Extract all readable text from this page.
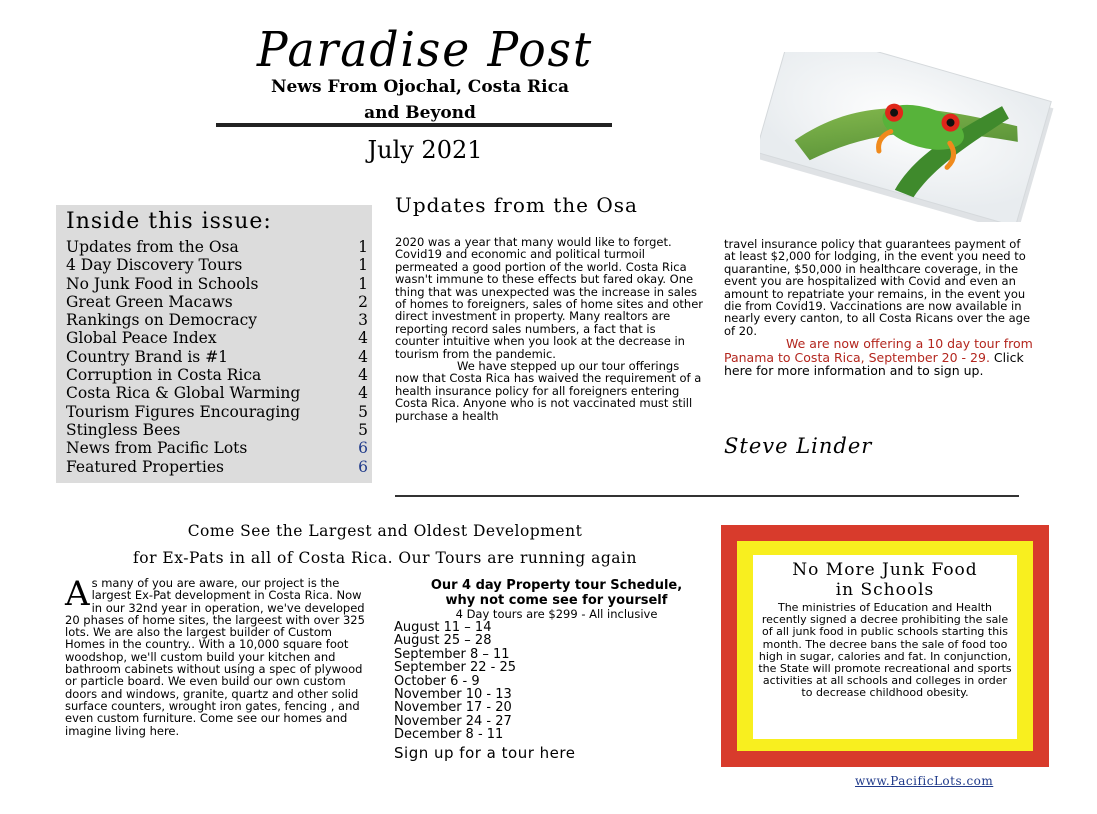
Paradise Post
News From Ojochal, Costa Rica
and Beyond
July 2021
Inside this issue:
Updates from the Osa	1
4 Day Discovery Tours	1
No Junk Food in Schools	1
Great Green Macaws	2
Rankings on Democracy	3
Global Peace Index	4
Country Brand is #1	4
Corruption in Costa Rica	4
Costa Rica & Global Warming	4
Tourism Figures Encouraging	5
Stingless Bees	5
News from Pacific Lots	6
Featured Properties	6
Updates from the Osa

2020 was a year that many would like to forget. Covid19 and economic and political turmoil permeated a good portion of the world. Costa Rica wasn't immune to these effects but fared okay. One thing that was unexpected was the increase in sales of homes to foreigners, sales of home sites and other direct investment in property. Many realtors are reporting record sales numbers, a fact that is counter intuitive when you look at the decrease in tourism from the pandemic.

We have stepped up our tour offerings now that Costa Rica has waived the requirement of a health insurance policy for all foreigners entering Costa Rica. Anyone who is not vaccinated must still purchase a health

travel insurance policy that guarantees payment of at least $2,000 for lodging, in the event you need to quarantine, $50,000 in healthcare coverage, in the event you are hospitalized with Covid and even an amount to repatriate your remains, in the event you die from Covid19. Vaccinations are now available in nearly every canton, to all Costa Ricans over the age of 20.

We are now offering a 10 day tour from Panama to Costa Rica, September 20 - 29. Click here for more information and to sign up.

Steve Linder
Come See the Largest and Oldest Development
for Ex-Pats in all of Costa Rica. Our Tours are running again
A s many of you are aware, our project is the largest Ex-Pat development in Costa Rica. Now in our 32nd year in operation, we've developed 20 phases of home sites, the largeest with over 325 lots. We are also the largest builder of Custom Homes in the country.. With a 10,000 square foot woodshop, we'll custom build your kitchen and bathroom cabinets without using a spec of plywood or particle board. We even build our own custom doors and windows, granite, quartz and other solid surface counters, wrought iron gates, fencing , and even custom furniture. Come see our homes and imagine living here.
Our 4 day Property tour Schedule,
why not come see for yourself
4 Day tours are $299 - All inclusive
August 11 – 14
August 25 – 28
September 8 – 11
September 22 - 25
October 6 - 9
November 10 - 13
November 17 - 20
November 24 - 27
December 8 - 11
Sign up for a tour here
No More Junk Food
in Schools
The ministries of Education and Health recently signed a decree prohibiting the sale of all junk food in public schools starting this month. The decree bans the sale of food too high in sugar, calories and fat. In conjunction, the State will promote recreational and sports activities at all schools and colleges in order to decrease childhood obesity.
www.PacificLots.com
